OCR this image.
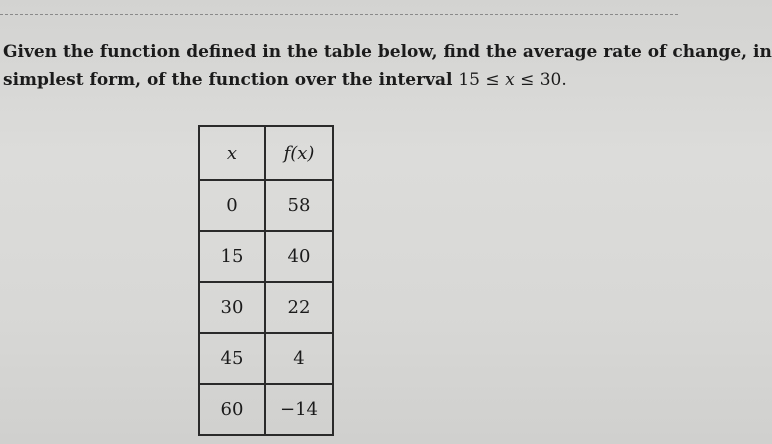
Given the function defined in the table below, find the average rate of change, in
simplest form, of the function over the interval 15 ≤ x ≤ 30.
x	f(x)
0	58
15	40
30	22
45	4
60	−14
